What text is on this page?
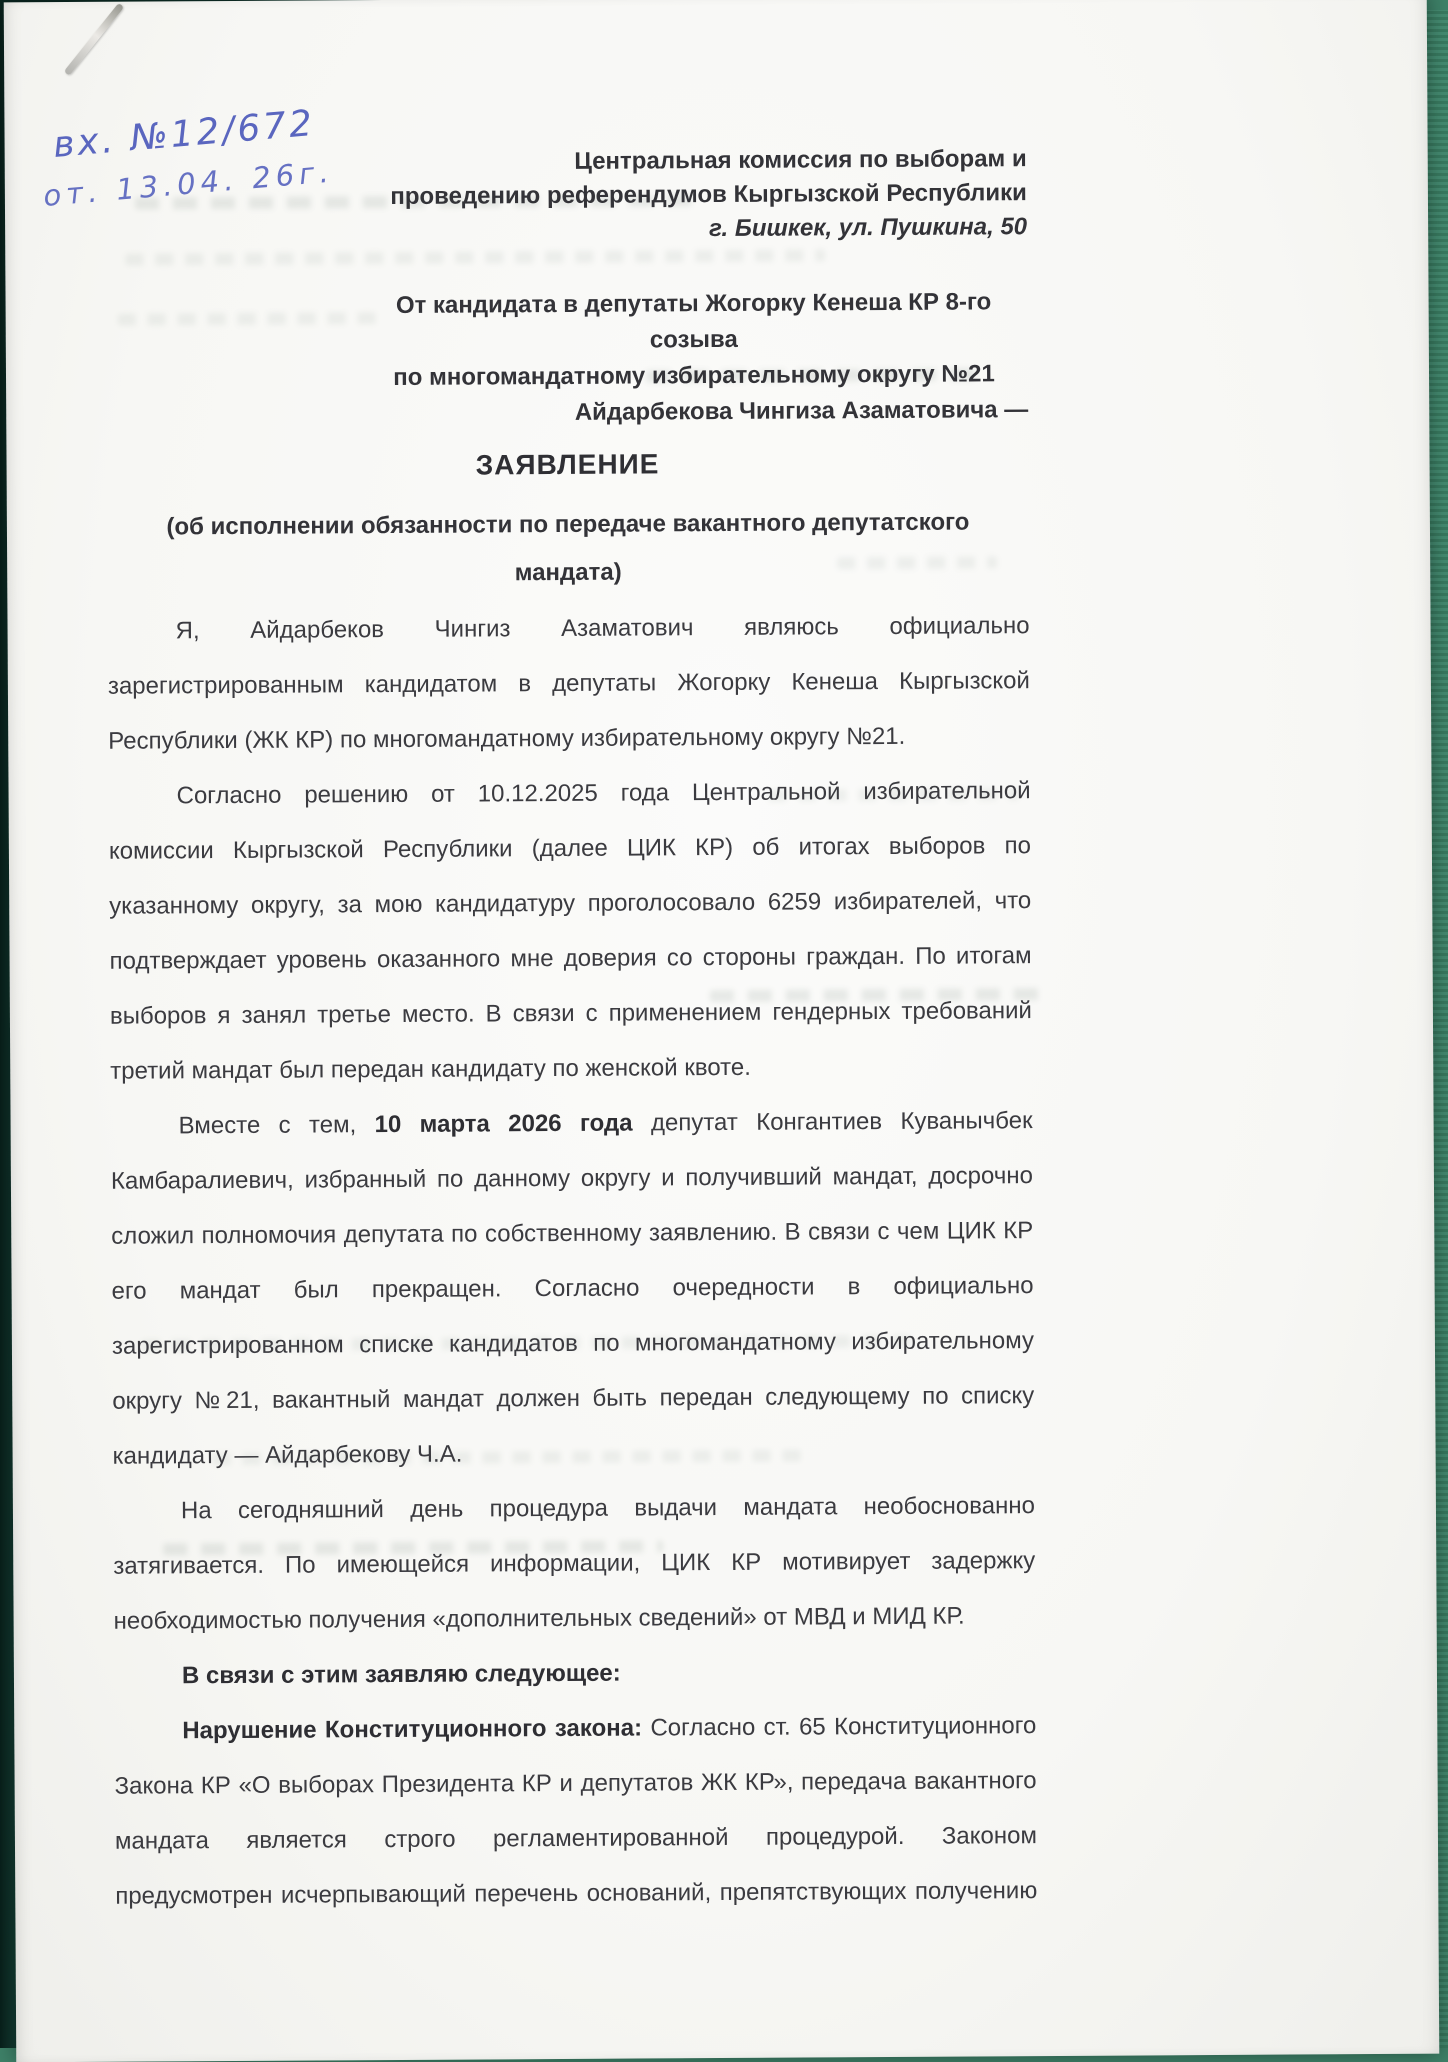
вх. №12/672
от. 13.04. 26г.	Центральная комиссия по выборам и
проведению референдумов Кыргызской Республики
г. Бишкек, ул. Пушкина, 50
От кандидата в депутаты Жогорку Кенеша КР 8-го созыва
по многомандатному избирательному округу №21
Айдарбекова Чингиза Азаматовича —
ЗАЯВЛЕНИЕ
(об исполнении обязанности по передаче вакантного депутатского
мандата)
Я, Айдарбеков Чингиз Азаматович являюсь официально
зарегистрированным кандидатом в депутаты Жогорку Кенеша Кыргызской
Республики (ЖК КР) по многомандатному избирательному округу №21.
Согласно решению от 10.12.2025 года Центральной избирательной
комиссии Кыргызской Республики (далее ЦИК КР) об итогах выборов по
указанному округу, за мою кандидатуру проголосовало 6259 избирателей, что
подтверждает уровень оказанного мне доверия со стороны граждан. По итогам
выборов я занял третье место. В связи с применением гендерных требований
третий мандат был передан кандидату по женской квоте.
Вместе с тем, 10 марта 2026 года депутат Конгантиев Куванычбек
Камбаралиевич, избранный по данному округу и получивший мандат, досрочно
сложил полномочия депутата по собственному заявлению. В связи с чем ЦИК КР
его мандат был прекращен. Согласно очередности в официально
зарегистрированном списке кандидатов по многомандатному избирательному
округу №21, вакантный мандат должен быть передан следующему по списку
кандидату — Айдарбекову Ч.А.
На сегодняшний день процедура выдачи мандата необоснованно
затягивается. По имеющейся информации, ЦИК КР мотивирует задержку
необходимостью получения «дополнительных сведений» от МВД и МИД КР.
В связи с этим заявляю следующее:
Нарушение Конституционного закона: Согласно ст. 65 Конституционного
Закона КР «О выборах Президента КР и депутатов ЖК КР», передача вакантного
мандата является строго регламентированной процедурой. Законом
предусмотрен исчерпывающий перечень оснований, препятствующих получению
